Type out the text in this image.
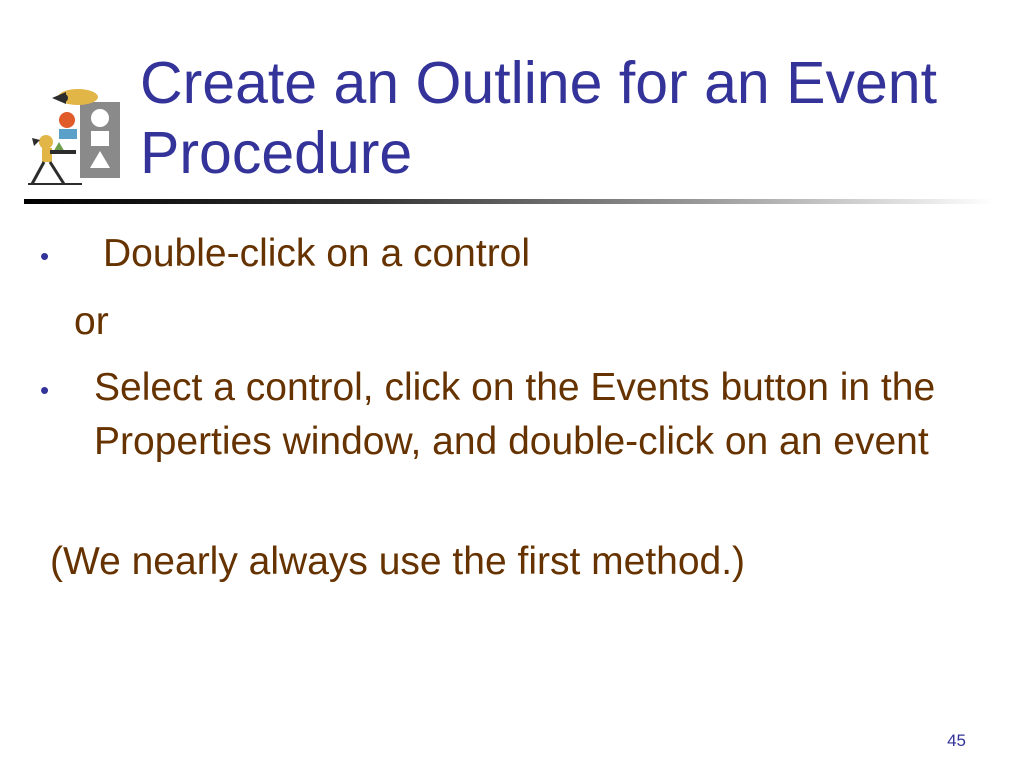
Create an Outline for an Event Procedure
• Double-click on a control

or

• Select a control, click on the Events button in the Properties window, and double-click on an event

(We nearly always use the first method.)

45
